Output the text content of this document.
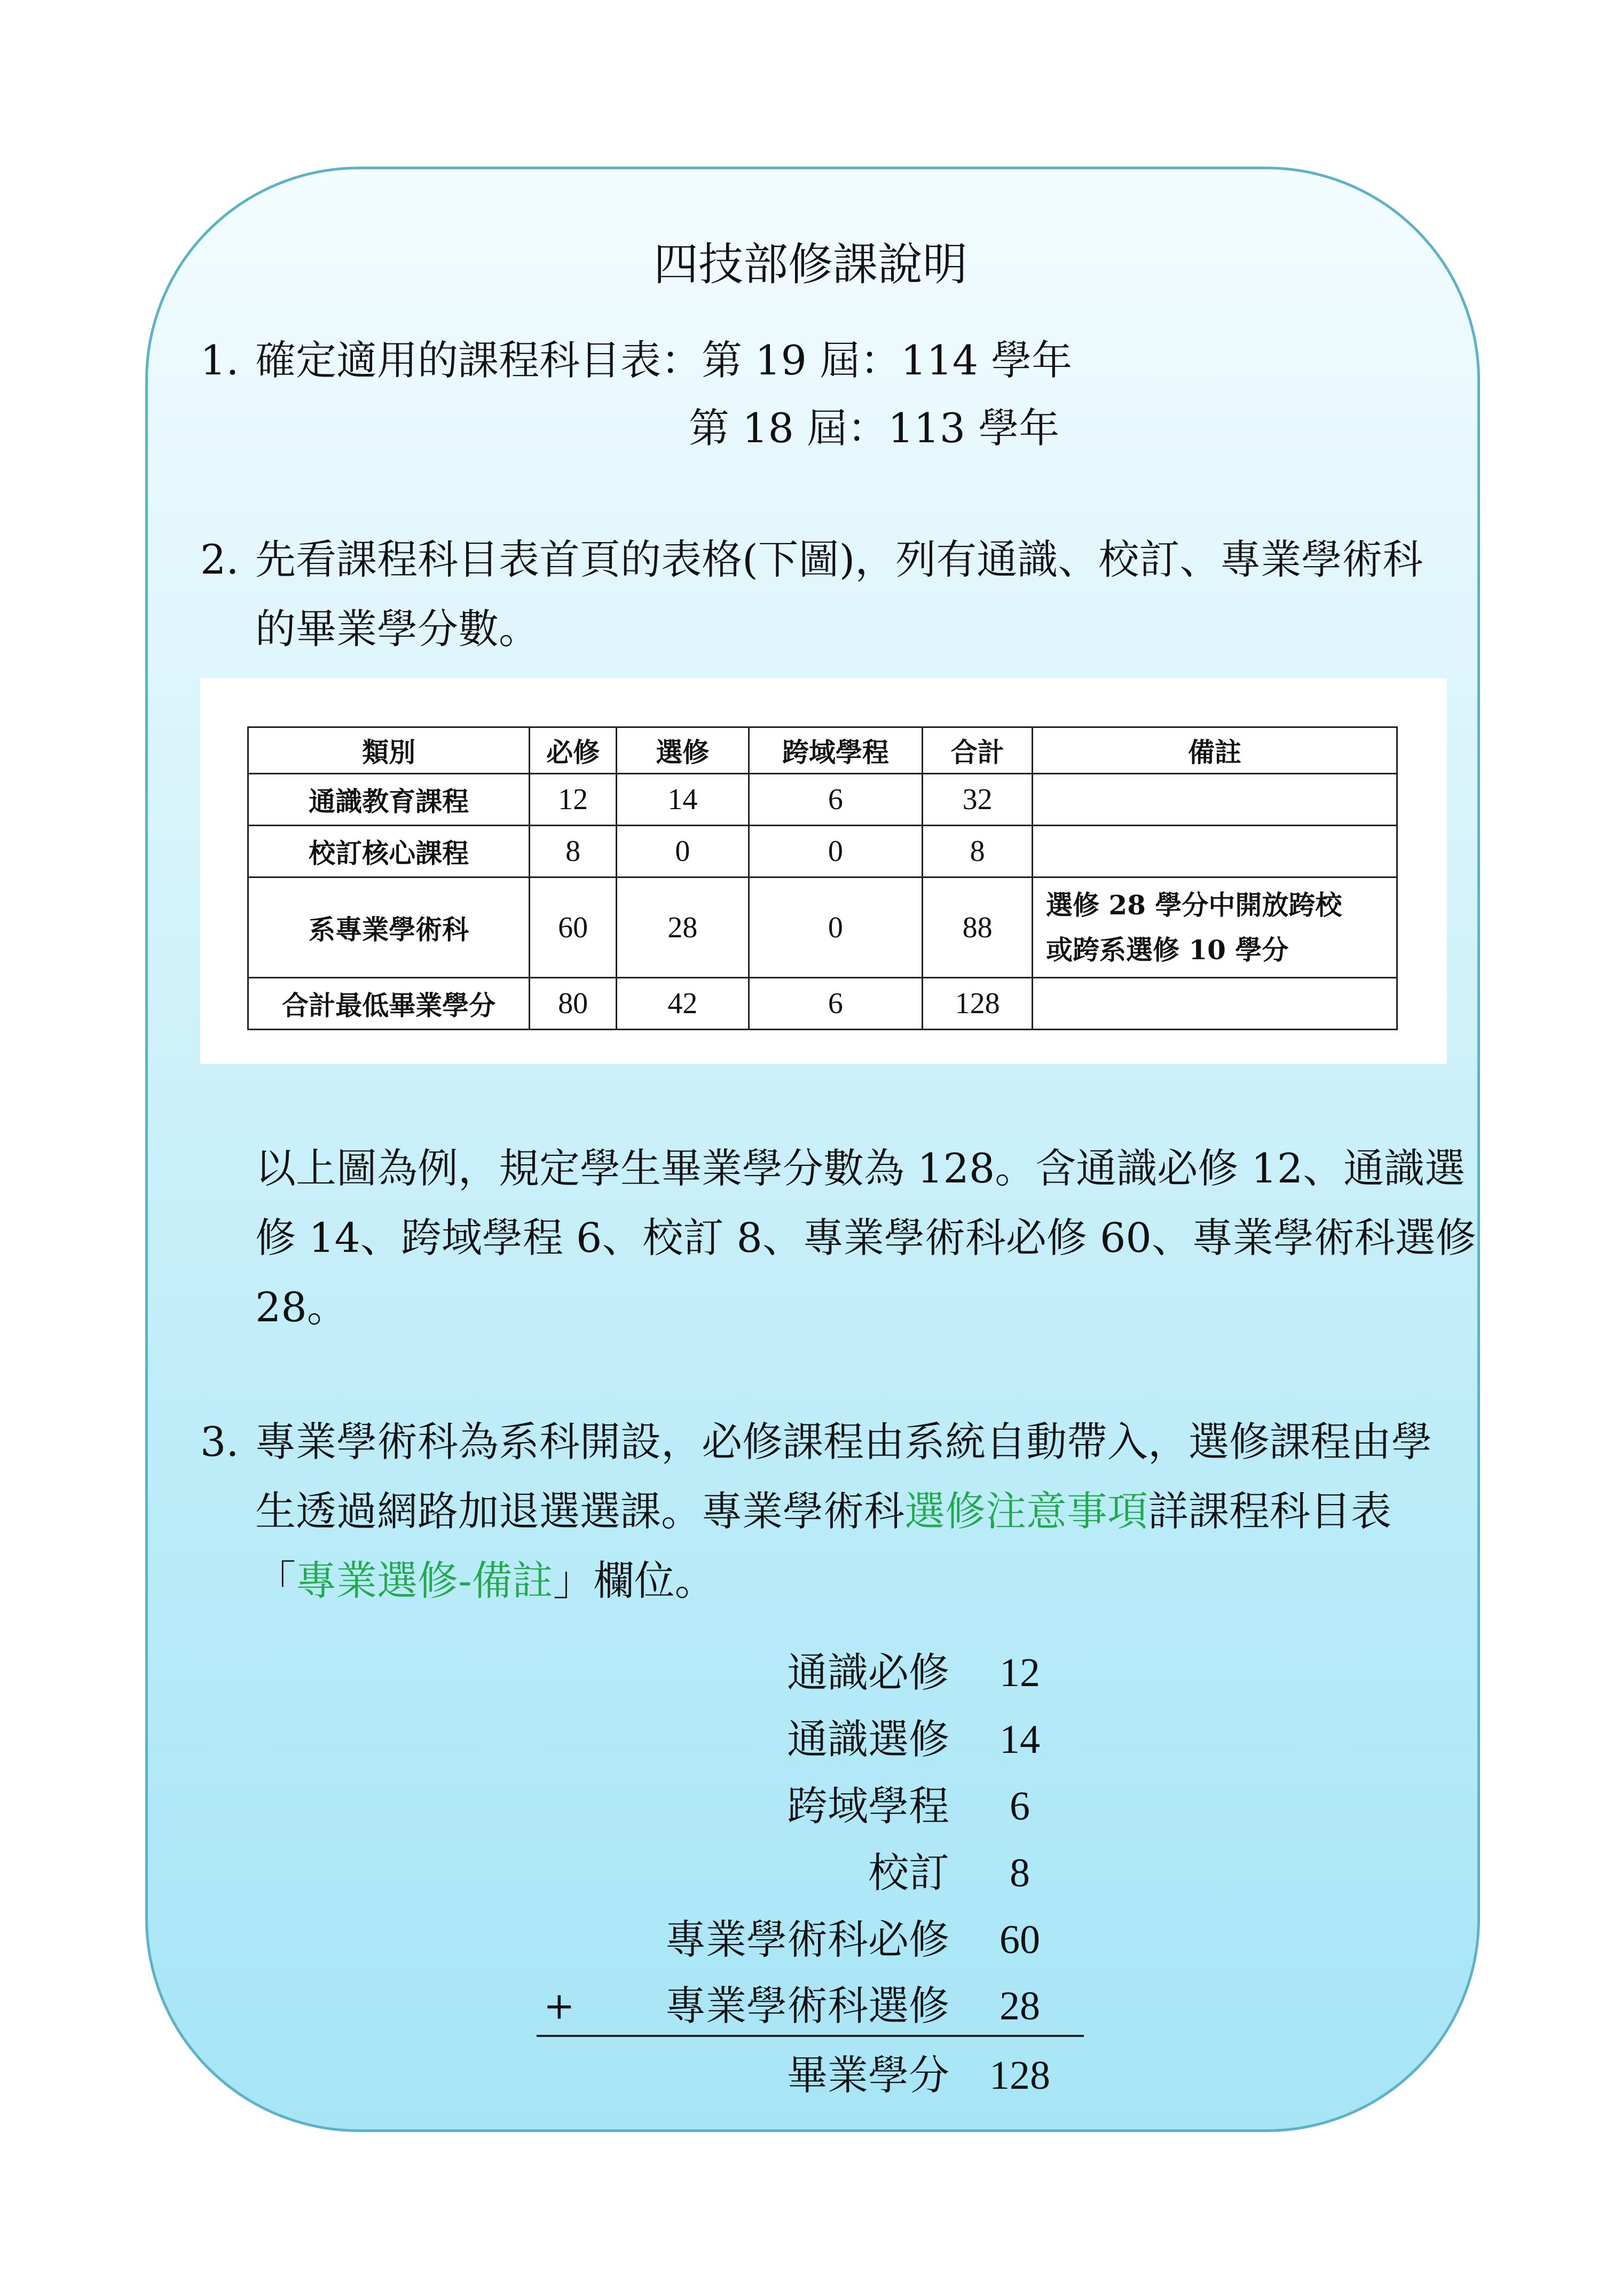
四技部修課說明
1. 確定適用的課程科目表：第 19 屆：114 學年
第 18 屆：113 學年
2. 先看課程科目表首頁的表格(下圖)，列有通識、校訂、專業學術科
的畢業學分數。
類別	必修	選修	跨域學程	合計	備註
通識教育課程	12	14	6	32	
校訂核心課程	8	0	0	8	
系專業學術科	60	28	0	88	選修 28 學分中開放跨校
或跨系選修 10 學分

合計最低畢業學分	80	42	6	128	
以上圖為例，規定學生畢業學分數為 128。含通識必修 12、通識選
修 14、跨域學程 6、校訂 8、專業學術科必修 60、專業學術科選修
28。
3. 專業學術科為系科開設，必修課程由系統自動帶入，選修課程由學
生透過網路加退選選課。專業學術科選修注意事項詳課程科目表
「專業選修-備註」欄位。
通識必修 12
通識選修 14
跨域學程	6
校訂	8
專業學術科必修 60
+ 專業學術科選修 28
畢業學分 128
